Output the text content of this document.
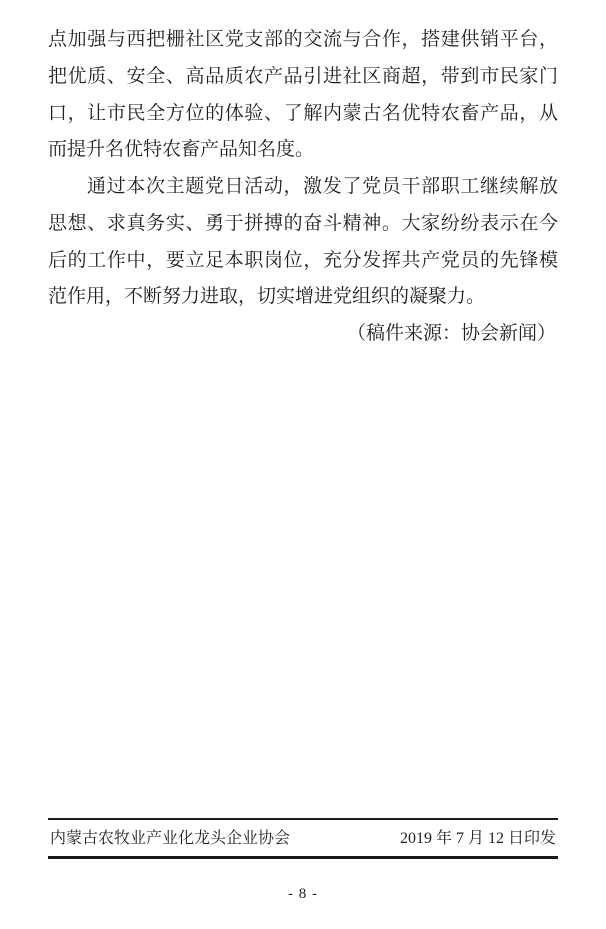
点加强与西把栅社区党支部的交流与合作，搭建供销平台，
把优质、安全、高品质农产品引进社区商超，带到市民家门
口，让市民全方位的体验、了解内蒙古名优特农畜产品，从
而提升名优特农畜产品知名度。
通过本次主题党日活动，激发了党员干部职工继续解放
思想、求真务实、勇于拼搏的奋斗精神。大家纷纷表示在今
后的工作中，要立足本职岗位，充分发挥共产党员的先锋模
范作用，不断努力进取，切实增进党组织的凝聚力。
（稿件来源：协会新闻）
内蒙古农牧业产业化龙头企业协会	2019 年 7 月 12 日印发
- 8 -
